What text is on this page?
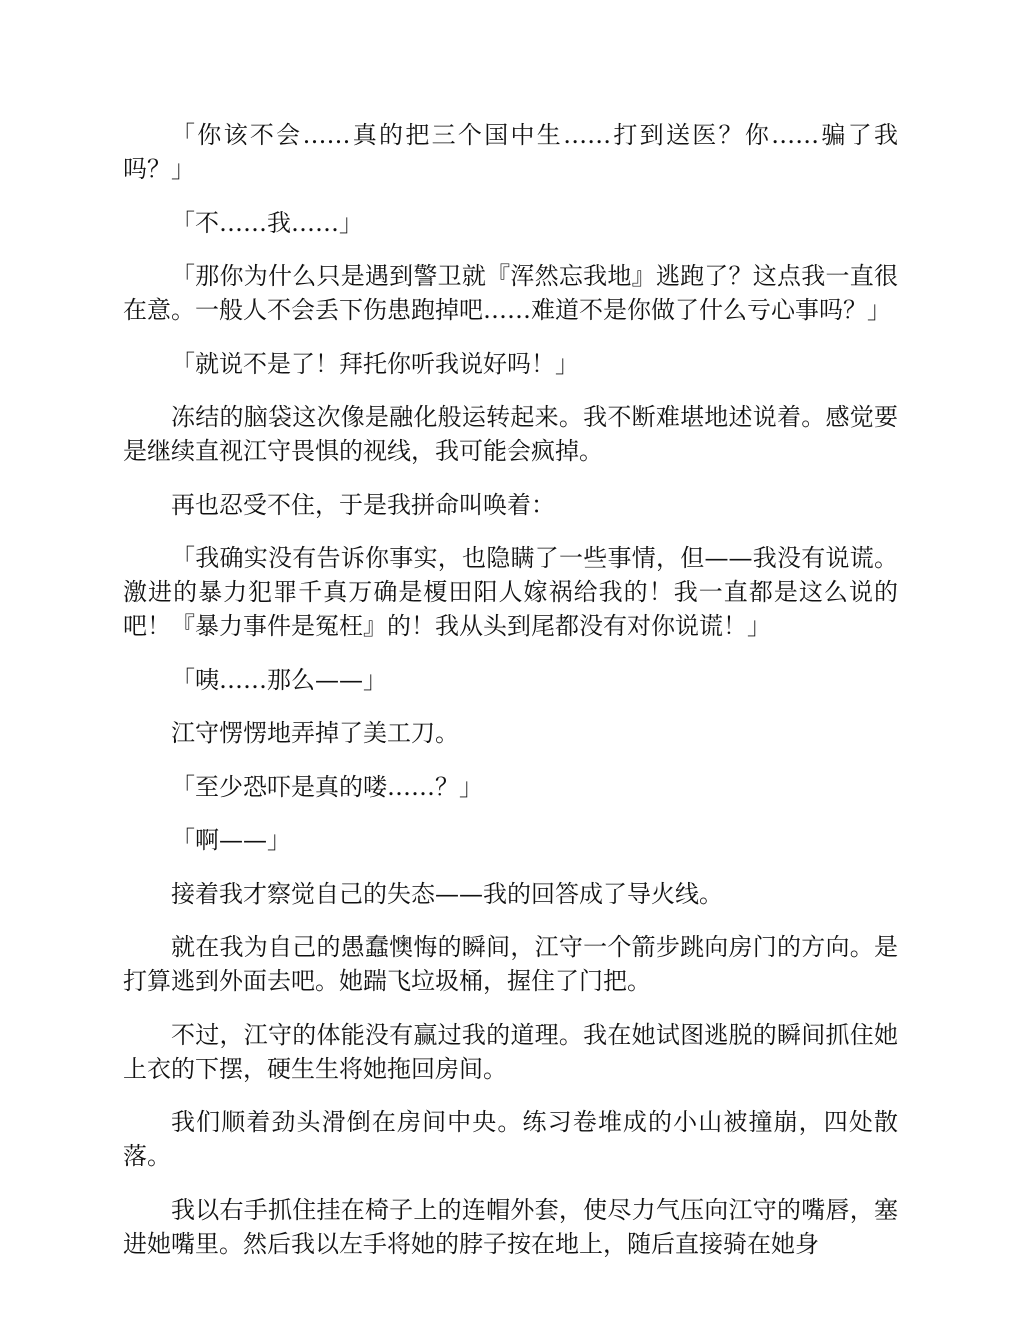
「你该不会……真的把三个国中生……打到送医？你……骗了我吗？」

「不……我……」

「那你为什么只是遇到警卫就『浑然忘我地』逃跑了？这点我一直很在意。一般人不会丢下伤患跑掉吧……难道不是你做了什么亏心事吗？」

「就说不是了！拜托你听我说好吗！」

冻结的脑袋这次像是融化般运转起来。我不断难堪地述说着。感觉要是继续直视江守畏惧的视线，我可能会疯掉。

再也忍受不住，于是我拼命叫唤着：

「我确实没有告诉你事实，也隐瞒了一些事情，但——我没有说谎。激进的暴力犯罪千真万确是榎田阳人嫁祸给我的！我一直都是这么说的吧！『暴力事件是冤枉』的！我从头到尾都没有对你说谎！」

「咦……那么——」

江守愣愣地弄掉了美工刀。

「至少恐吓是真的喽……？」

「啊——」

接着我才察觉自己的失态——我的回答成了导火线。

就在我为自己的愚蠢懊悔的瞬间，江守一个箭步跳向房门的方向。是打算逃到外面去吧。她踹飞垃圾桶，握住了门把。

不过，江守的体能没有赢过我的道理。我在她试图逃脱的瞬间抓住她上衣的下摆，硬生生将她拖回房间。

我们顺着劲头滑倒在房间中央。练习卷堆成的小山被撞崩，四处散落。

我以右手抓住挂在椅子上的连帽外套，使尽力气压向江守的嘴唇，塞进她嘴里。然后我以左手将她的脖子按在地上，随后直接骑在她身
